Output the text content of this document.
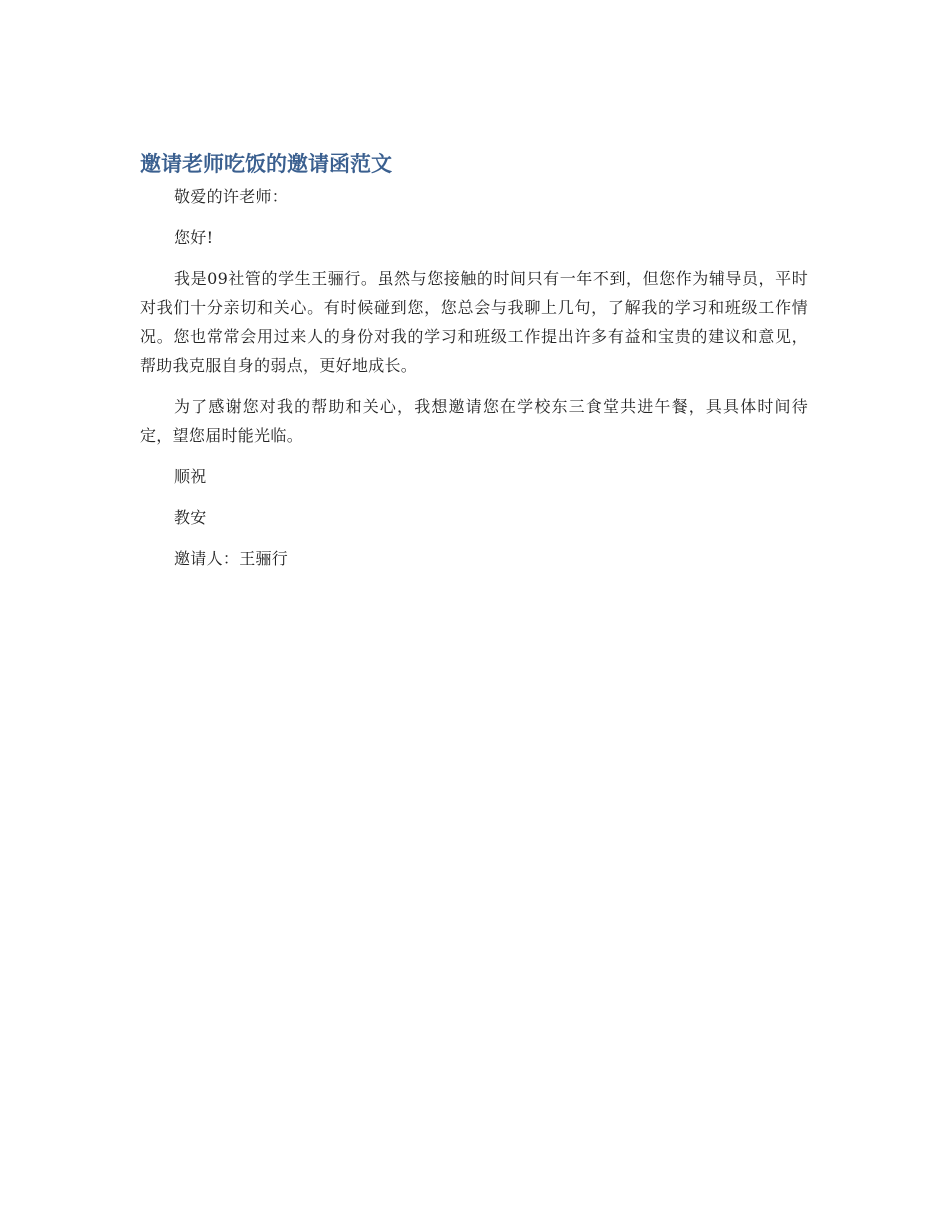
邀请老师吃饭的邀请函范文

敬爱的许老师：

您好!

我是09社管的学生王骊行。虽然与您接触的时间只有一年不到，但您作为辅导员，平时对我们十分亲切和关心。有时候碰到您，您总会与我聊上几句，了解我的学习和班级工作情况。您也常常会用过来人的身份对我的学习和班级工作提出许多有益和宝贵的建议和意见，帮助我克服自身的弱点，更好地成长。

为了感谢您对我的帮助和关心，我想邀请您在学校东三食堂共进午餐，具具体时间待定，望您届时能光临。

顺祝

教安

邀请人：王骊行
